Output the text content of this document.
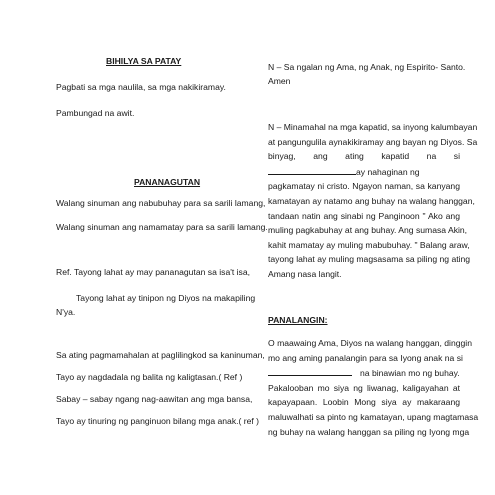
BIHILYA SA PATAY
Pagbati sa mga naulila, sa mga nakikiramay.
Pambungad na awit.
PANANAGUTAN
Walang sinuman ang nabubuhay para sa sarili lamang,
Walang sinuman ang namamatay para sa sarili lamang.
Ref. Tayong lahat ay may pananagutan sa isa't isa,
Tayong lahat ay tinipon ng Diyos na makapiling
N'ya.
Sa ating pagmamahalan at paglilingkod sa kaninuman,
Tayo ay nagdadala ng balita ng kaligtasan.( Ref )
Sabay – sabay ngang nag-aawitan ang mga bansa,
Tayo ay tinuring ng panginuon bilang mga anak.( ref )
N – Sa ngalan ng Ama, ng Anak, ng Espirito- Santo.
Amen
N – Minamahal na mga kapatid, sa inyong kalumbayan
at pangungulila aynakikiramay ang bayan ng Diyos. Sa
binyag, ang ating kapatid na si
ay nahaginan ng
pagkamatay ni cristo. Ngayon naman, sa kanyang
kamatayan ay natamo ang buhay na walang hanggan,
tandaan natin ang sinabi ng Panginoon " Ako ang
muling pagkabuhay at ang buhay. Ang sumasa Akin,
kahit mamatay ay muling mabubuhay. " Balang araw,
tayong lahat ay muling magsasama sa piling ng ating
Amang nasa langit.
PANALANGIN:
O maawaing Ama, Diyos na walang hanggan, dinggin
mo ang aming panalangin para sa Iyong anak na si
na binawian mo ng buhay.
Pakalooban mo siya ng liwanag, kaligayahan at
kapayapaan. Loobin Mong siya ay makaraang
maluwalhati sa pinto ng kamatayan, upang magtamasa
ng buhay na walang hanggan sa piling ng Iyong mga
